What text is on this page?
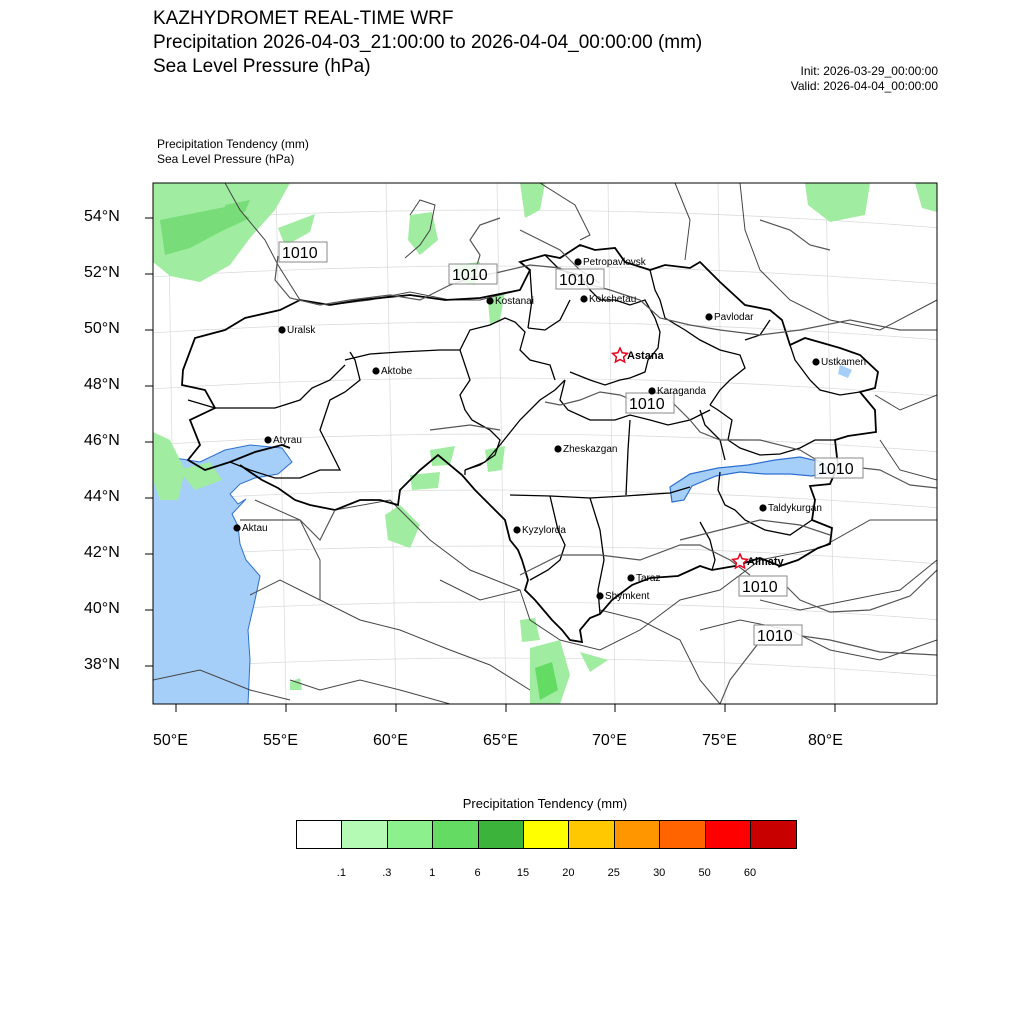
KAZHYDROMET REAL-TIME WRF
Precipitation 2026-04-03_21:00:00 to 2026-04-04_00:00:00 (mm)
Sea Level Pressure (hPa)	Init: 2026-03-29_00:00:00
Valid: 2026-04-04_00:00:00
Precipitation Tendency (mm)
Sea Level Pressure (hPa)
1010
1010	1010
1010
1010
1010
1010
Petropavlovsk
Kostanai	Kokshetau
Pavlodar
Uralsk
Astana
Aktobe
Ustkamen
Karaganda
Atyrau
Zheskazgan
Aktau	Kyzylorda
Taldykurgan
Almaty
Taraz
Shymkent
54°N
52°N
50°N
48°N
46°N
44°N
42°N
40°N
38°N
50°E	55°E	60°E	65°E	70°E	75°E	80°E
Precipitation Tendency (mm)
.1	.3	1	6	15	20	25	30	50	60
